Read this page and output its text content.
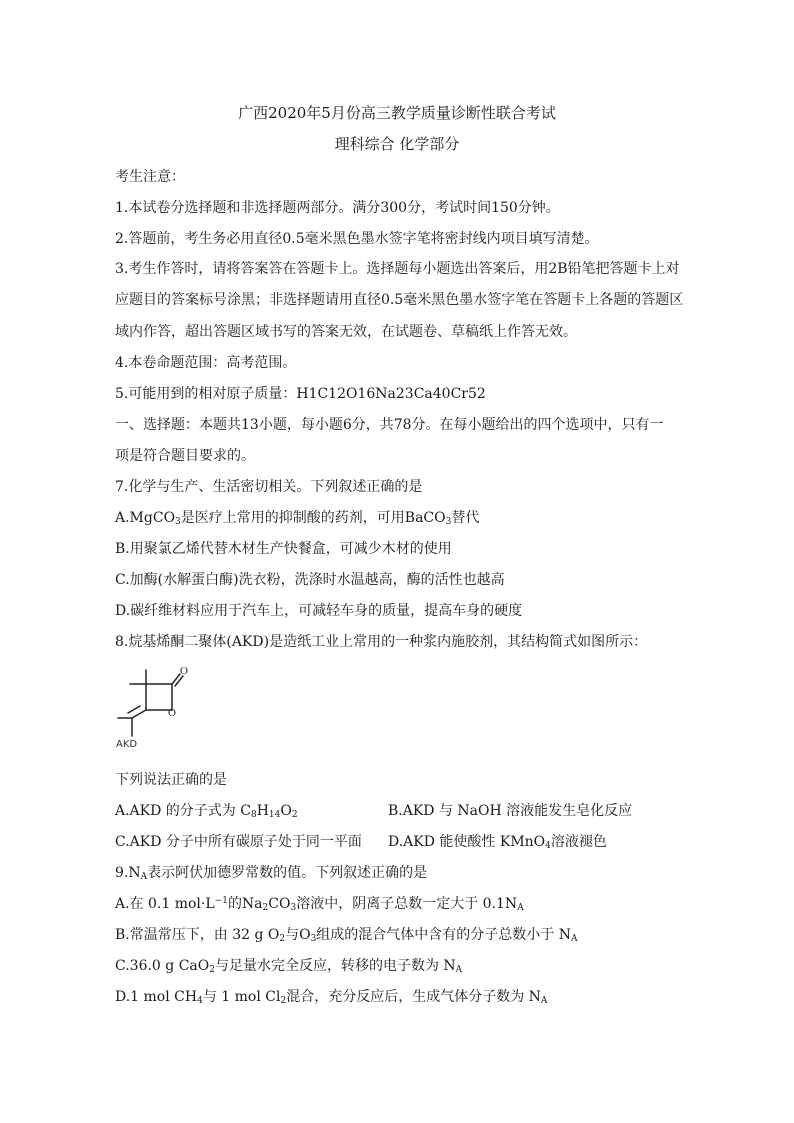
广西2020年5月份高三教学质量诊断性联合考试
理科综合 化学部分
考生注意：
1.本试卷分选择题和非选择题两部分。满分300分，考试时间150分钟。
2.答题前，考生务必用直径0.5毫米黑色墨水签字笔将密封线内项目填写清楚。
3.考生作答时，请将答案答在答题卡上。选择题每小题选出答案后，用2B铅笔把答题卡上对
应题目的答案标号涂黑；非选择题请用直径0.5毫米黑色墨水签字笔在答题卡上各题的答题区
域内作答，超出答题区域书写的答案无效，在试题卷、草稿纸上作答无效。
4.本卷命题范围：高考范围。
5.可能用到的相对原子质量：H1C12O16Na23Ca40Cr52
一、选择题：本题共13小题，每小题6分，共78分。在每小题给出的四个选项中，只有一
项是符合题目要求的。
7.化学与生产、生活密切相关。下列叙述正确的是
A.MgCO$_3$是医疗上常用的抑制酸的药剂，可用BaCO$_3$替代
B.用聚氯乙烯代替木材生产快餐盒，可减少木材的使用
C.加酶(水解蛋白酶)洗衣粉，洗涤时水温越高，酶的活性也越高
D.碳纤维材料应用于汽车上，可减轻车身的质量，提高车身的硬度
8.烷基烯酮二聚体(AKD)是造纸工业上常用的一种浆内施胶剂，其结构简式如图所示：
O
O
AKD
下列说法正确的是
A.AKD 的分子式为 $C_8H_{14}O_2$	B.AKD 与 NaOH 溶液能发生皂化反应
C.AKD 分子中所有碳原子处于同一平面 D.AKD 能使酸性 KMnO$_4$溶液褪色
$9.N_A$表示阿伏加德罗常数的值。下列叙述正确的是
A.在 0.1 $mol\cdot L^{-1}$的$Na_2CO_3$溶液中，阴离子总数一定大于 $0.1N_A$
B.常温常压下，由 32 g $O_2$与$O_3$组成的混合气体中含有的分子总数小于 $N_A$
C.36.0 g CaO$_2$与足量水完全反应，转移的电子数为 $N_A$
D.1 mol $CH_4$与 1 mol $Cl_2$混合，充分反应后，生成气体分子数为 $N_A$
